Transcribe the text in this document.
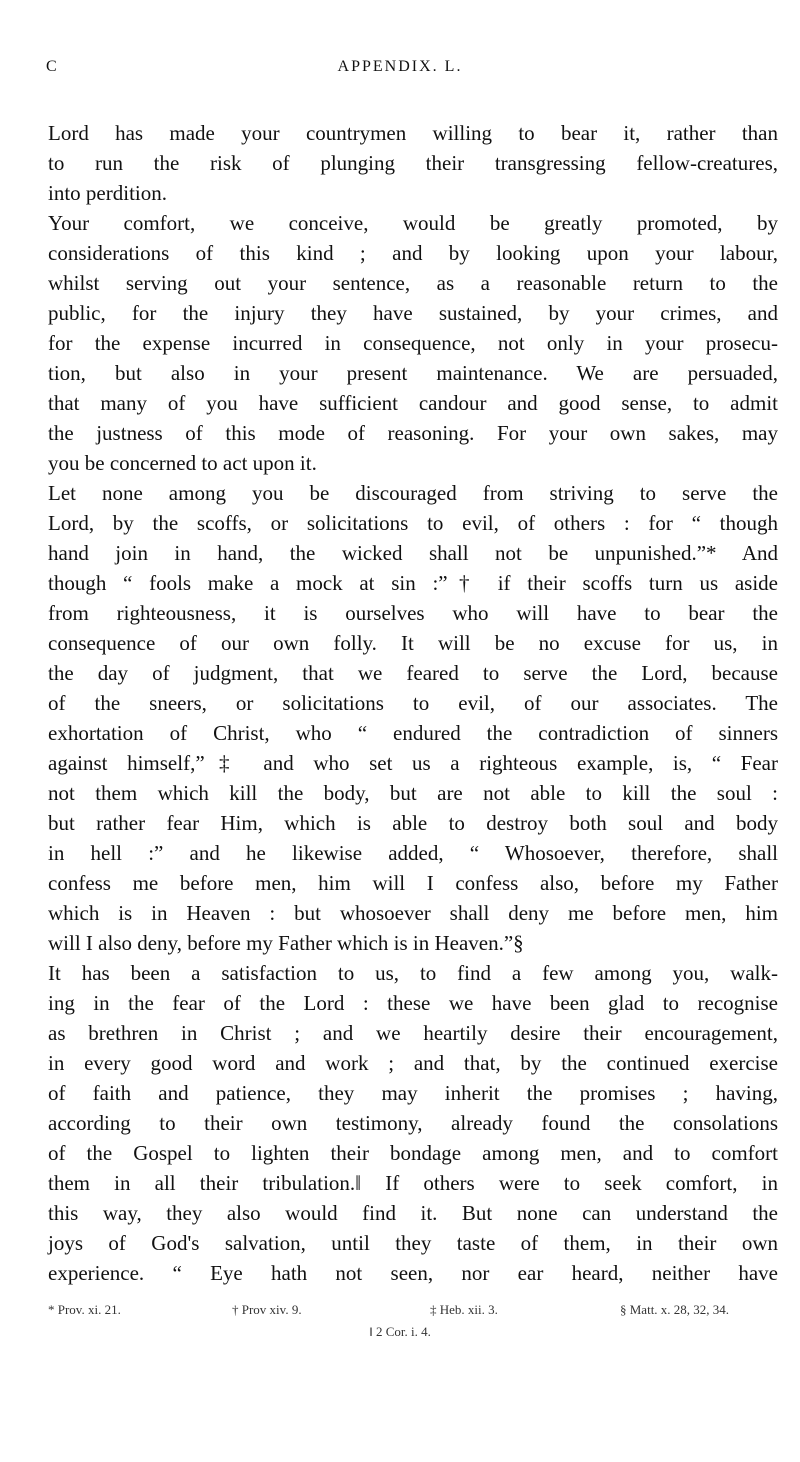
C	APPENDIX. L.
Lord has made your countrymen willing to bear it, rather than
to run the risk of plunging their transgressing fellow-creatures,
into perdition.
Your comfort, we conceive, would be greatly promoted, by
considerations of this kind ; and by looking upon your labour,
whilst serving out your sentence, as a reasonable return to the
public, for the injury they have sustained, by your crimes, and
for the expense incurred in consequence, not only in your prosecu-
tion, but also in your present maintenance. We are persuaded,
that many of you have sufficient candour and good sense, to admit
the justness of this mode of reasoning. For your own sakes, may
you be concerned to act upon it.
Let none among you be discouraged from striving to serve the
Lord, by the scoffs, or solicitations to evil, of others : for “ though
hand join in hand, the wicked shall not be unpunished.”* And
though “ fools make a mock at sin :”† if their scoffs turn us aside
from righteousness, it is ourselves who will have to bear the
consequence of our own folly. It will be no excuse for us, in
the day of judgment, that we feared to serve the Lord, because
of the sneers, or solicitations to evil, of our associates. The
exhortation of Christ, who “ endured the contradiction of sinners
against himself,”‡ and who set us a righteous example, is, “ Fear
not them which kill the body, but are not able to kill the soul :
but rather fear Him, which is able to destroy both soul and body
in hell :” and he likewise added, “ Whosoever, therefore, shall
confess me before men, him will I confess also, before my Father
which is in Heaven : but whosoever shall deny me before men, him
will I also deny, before my Father which is in Heaven.”§
It has been a satisfaction to us, to find a few among you, walk-
ing in the fear of the Lord : these we have been glad to recognise
as brethren in Christ ; and we heartily desire their encouragement,
in every good word and work ; and that, by the continued exercise
of faith and patience, they may inherit the promises ; having,
according to their own testimony, already found the consolations
of the Gospel to lighten their bondage among men, and to comfort
them in all their tribulation.‖ If others were to seek comfort, in
this way, they also would find it. But none can understand the
joys of God's salvation, until they taste of them, in their own
experience. “ Eye hath not seen, nor ear heard, neither have
* Prov. xi. 21.	† Prov xiv. 9.	‡ Heb. xii. 3.	§ Matt. x. 28, 32, 34.
‖ 2 Cor. i. 4.
